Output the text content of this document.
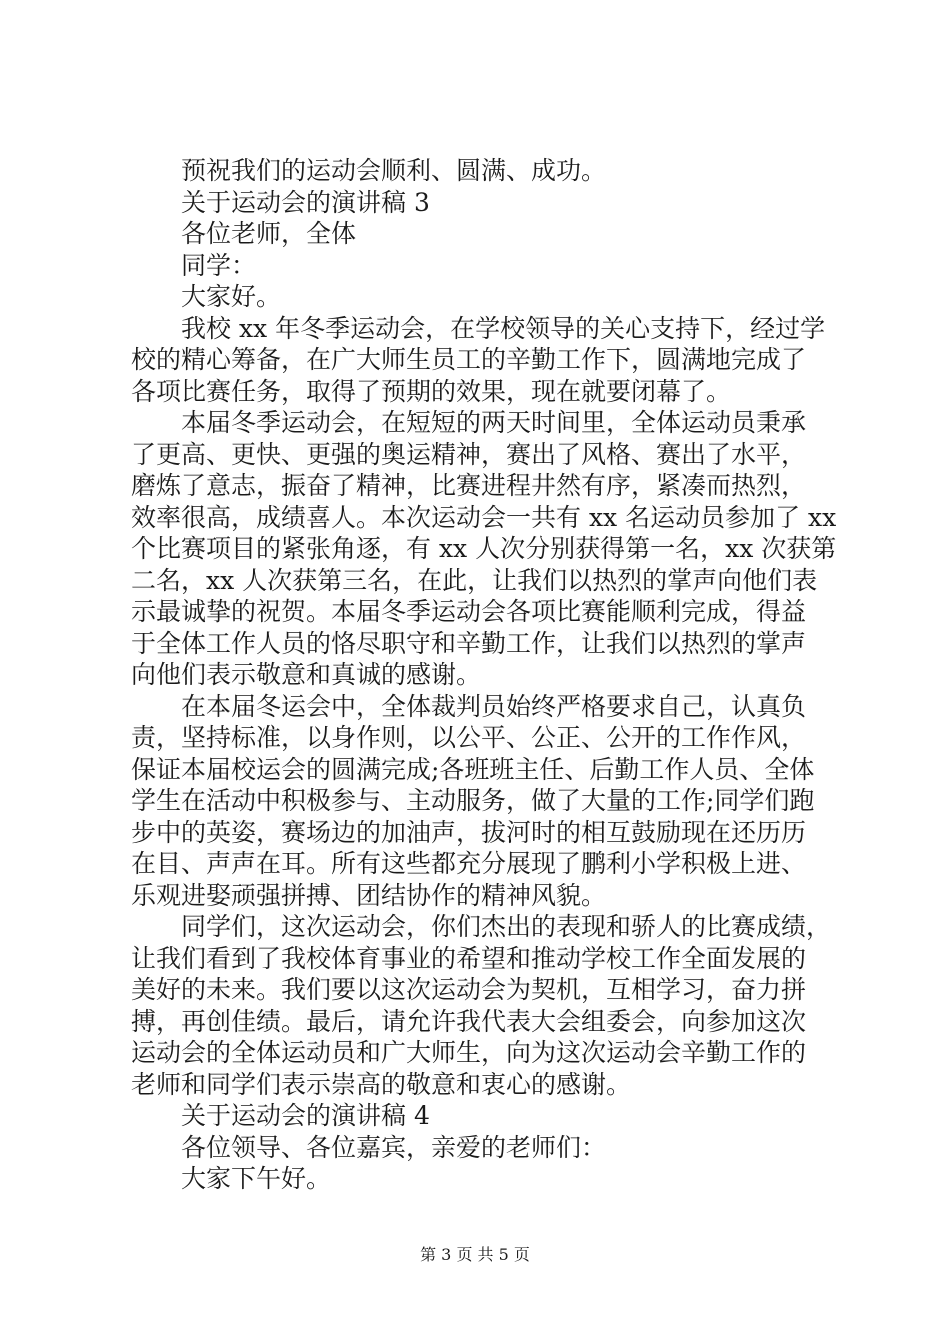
预祝我们的运动会顺利、圆满、成功。

关于运动会的演讲稿 3

各位老师，全体

同学：

大家好。

我校 xx 年冬季运动会，在学校领导的关心支持下，经过学

校的精心筹备，在广大师生员工的辛勤工作下，圆满地完成了

各项比赛任务，取得了预期的效果，现在就要闭幕了。

本届冬季运动会，在短短的两天时间里，全体运动员秉承

了更高、更快、更强的奥运精神，赛出了风格、赛出了水平，

磨炼了意志，振奋了精神，比赛进程井然有序，紧凑而热烈，

效率很高，成绩喜人。本次运动会一共有 xx 名运动员参加了 xx

个比赛项目的紧张角逐，有 xx 人次分别获得第一名，xx 次获第

二名，xx 人次获第三名，在此，让我们以热烈的掌声向他们表

示最诚挚的祝贺。本届冬季运动会各项比赛能顺利完成，得益

于全体工作人员的恪尽职守和辛勤工作，让我们以热烈的掌声

向他们表示敬意和真诚的感谢。

在本届冬运会中，全体裁判员始终严格要求自己，认真负

责，坚持标准，以身作则，以公平、公正、公开的工作作风，

保证本届校运会的圆满完成;各班班主任、后勤工作人员、全体

学生在活动中积极参与、主动服务，做了大量的工作;同学们跑

步中的英姿，赛场边的加油声，拔河时的相互鼓励现在还历历

在目、声声在耳。所有这些都充分展现了鹏利小学积极上进、

乐观进娶顽强拼搏、团结协作的精神风貌。

同学们，这次运动会，你们杰出的表现和骄人的比赛成绩，

让我们看到了我校体育事业的希望和推动学校工作全面发展的

美好的未来。我们要以这次运动会为契机，互相学习，奋力拼

搏，再创佳绩。最后，请允许我代表大会组委会，向参加这次

运动会的全体运动员和广大师生，向为这次运动会辛勤工作的

老师和同学们表示崇高的敬意和衷心的感谢。

关于运动会的演讲稿 4

各位领导、各位嘉宾，亲爱的老师们：

大家下午好。

第 3 页 共 5 页
